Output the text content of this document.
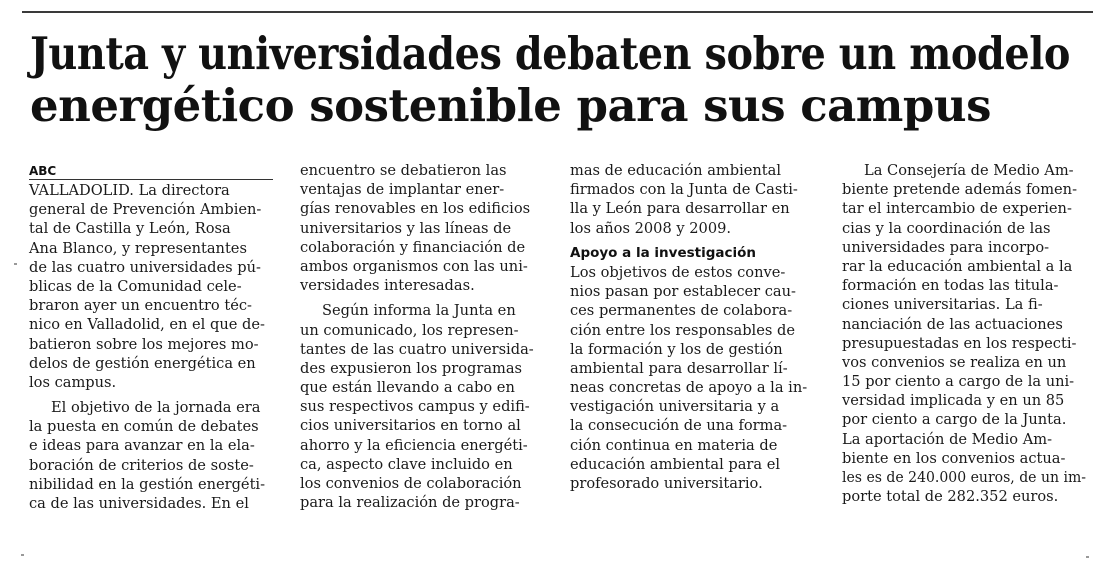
Junta y universidades debaten sobre un modelo
energético sostenible para sus campus
ABC
VALLADOLID. La directora
general de Prevención Ambien-
tal de Castilla y León, Rosa
Ana Blanco, y representantes
de las cuatro universidades pú-
blicas de la Comunidad cele-
braron ayer un encuentro téc-
nico en Valladolid, en el que de-
batieron sobre los mejores mo-
delos de gestión energética en
los campus.
El objetivo de la jornada era
la puesta en común de debates
e ideas para avanzar en la ela-
boración de criterios de soste-
nibilidad en la gestión energéti-
ca de las universidades. En el
encuentro se debatieron las
ventajas de implantar ener-
gías renovables en los edificios
universitarios y las líneas de
colaboración y financiación de
ambos organismos con las uni-
versidades interesadas.
Según informa la Junta en
un comunicado, los represen-
tantes de las cuatro universida-
des expusieron los programas
que están llevando a cabo en
sus respectivos campus y edifi-
cios universitarios en torno al
ahorro y la eficiencia energéti-
ca, aspecto clave incluido en
los convenios de colaboración
para la realización de progra-
mas de educación ambiental
firmados con la Junta de Casti-
lla y León para desarrollar en
los años 2008 y 2009.
Apoyo a la investigación
Los objetivos de estos conve-
nios pasan por establecer cau-
ces permanentes de colabora-
ción entre los responsables de
la formación y los de gestión
ambiental para desarrollar lí-
neas concretas de apoyo a la in-
vestigación universitaria y a
la consecución de una forma-
ción continua en materia de
educación ambiental para el
profesorado universitario.
La Consejería de Medio Am-
biente pretende además fomen-
tar el intercambio de experien-
cias y la coordinación de las
universidades para incorpo-
rar la educación ambiental a la
formación en todas las titula-
ciones universitarias. La fi-
nanciación de las actuaciones
presupuestadas en los respecti-
vos convenios se realiza en un
15 por ciento a cargo de la uni-
versidad implicada y en un 85
por ciento a cargo de la Junta.
La aportación de Medio Am-
biente en los convenios actua-
les es de 240.000 euros, de un im-
porte total de 282.352 euros.
